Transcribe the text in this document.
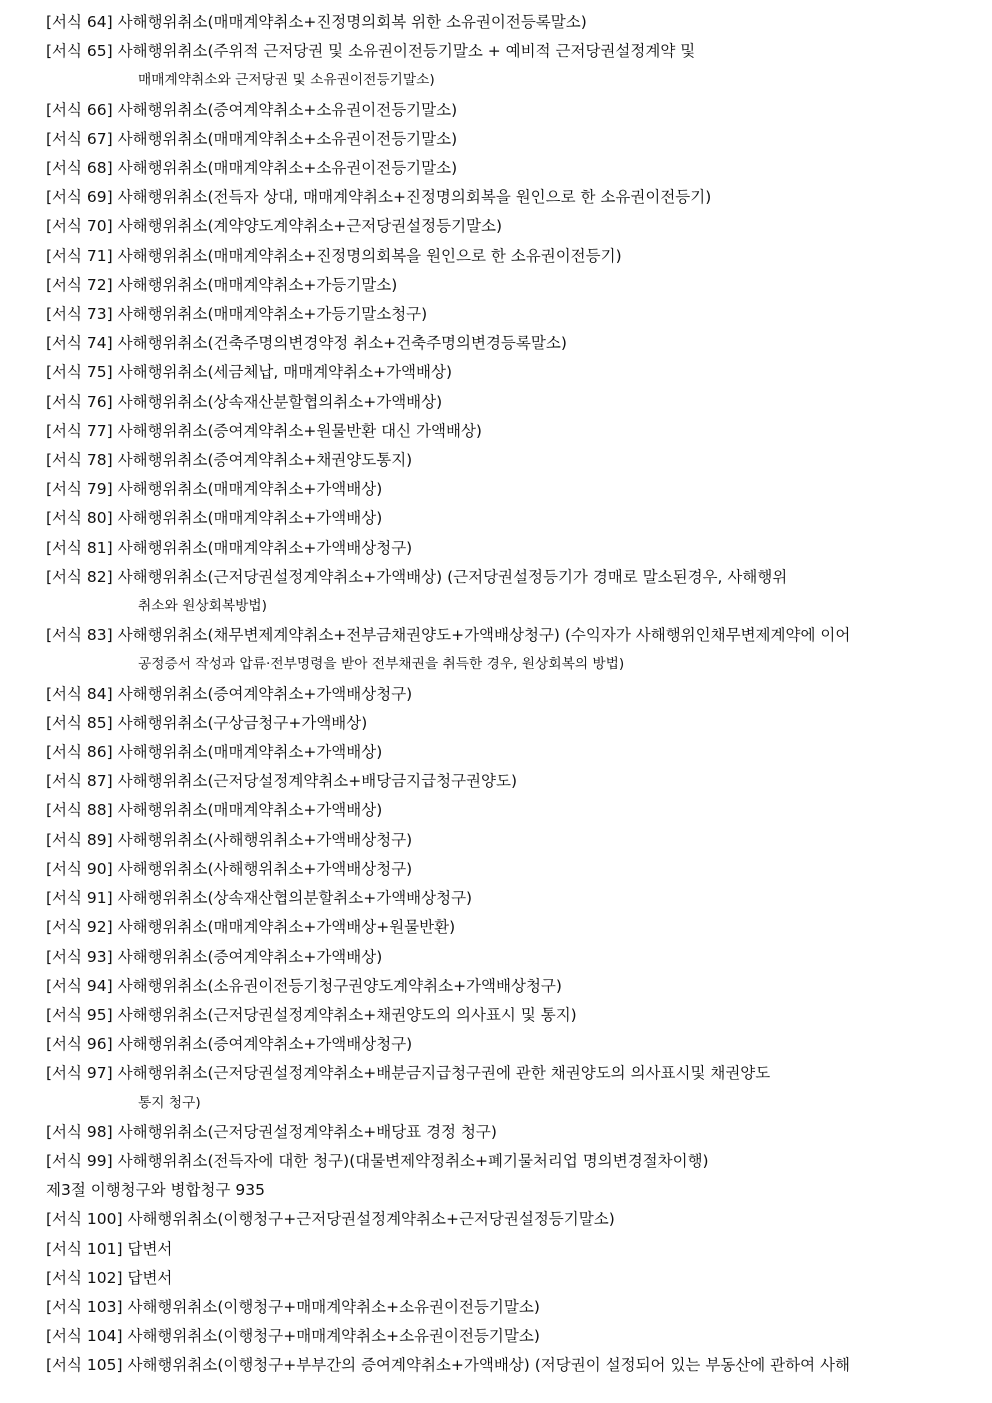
[서식 64] 사해행위취소(매매계약취소+진정명의회복 위한 소유권이전등록말소)
[서식 65] 사해행위취소(주위적 근저당권 및 소유권이전등기말소 + 예비적 근저당권설정계약 및
매매계약취소와 근저당권 및 소유권이전등기말소)
[서식 66] 사해행위취소(증여계약취소+소유권이전등기말소)
[서식 67] 사해행위취소(매매계약취소+소유권이전등기말소)
[서식 68] 사해행위취소(매매계약취소+소유권이전등기말소)
[서식 69] 사해행위취소(전득자 상대, 매매계약취소+진정명의회복을 원인으로 한 소유권이전등기)
[서식 70] 사해행위취소(계약양도계약취소+근저당권설정등기말소)
[서식 71] 사해행위취소(매매계약취소+진정명의회복을 원인으로 한 소유권이전등기)
[서식 72] 사해행위취소(매매계약취소+가등기말소)
[서식 73] 사해행위취소(매매계약취소+가등기말소청구)
[서식 74] 사해행위취소(건축주명의변경약정 취소+건축주명의변경등록말소)
[서식 75] 사해행위취소(세금체납, 매매계약취소+가액배상)
[서식 76] 사해행위취소(상속재산분할협의취소+가액배상)
[서식 77] 사해행위취소(증여계약취소+원물반환 대신 가액배상)
[서식 78] 사해행위취소(증여계약취소+채권양도통지)
[서식 79] 사해행위취소(매매계약취소+가액배상)
[서식 80] 사해행위취소(매매계약취소+가액배상)
[서식 81] 사해행위취소(매매계약취소+가액배상청구)
[서식 82] 사해행위취소(근저당권설정계약취소+가액배상) (근저당권설정등기가 경매로 말소된경우, 사해행위
취소와 원상회복방법)
[서식 83] 사해행위취소(채무변제계약취소+전부금채권양도+가액배상청구) (수익자가 사해행위인채무변제계약에 이어
공정증서 작성과 압류·전부명령을 받아 전부채권을 취득한 경우, 원상회복의 방법)
[서식 84] 사해행위취소(증여계약취소+가액배상청구)
[서식 85] 사해행위취소(구상금청구+가액배상)
[서식 86] 사해행위취소(매매계약취소+가액배상)
[서식 87] 사해행위취소(근저당설정계약취소+배당금지급청구권양도)
[서식 88] 사해행위취소(매매계약취소+가액배상)
[서식 89] 사해행위취소(사해행위취소+가액배상청구)
[서식 90] 사해행위취소(사해행위취소+가액배상청구)
[서식 91] 사해행위취소(상속재산협의분할취소+가액배상청구)
[서식 92] 사해행위취소(매매계약취소+가액배상+원물반환)
[서식 93] 사해행위취소(증여계약취소+가액배상)
[서식 94] 사해행위취소(소유권이전등기청구권양도계약취소+가액배상청구)
[서식 95] 사해행위취소(근저당권설정계약취소+채권양도의 의사표시 및 통지)
[서식 96] 사해행위취소(증여계약취소+가액배상청구)
[서식 97] 사해행위취소(근저당권설정계약취소+배분금지급청구권에 관한 채권양도의 의사표시및 채권양도
통지 청구)
[서식 98] 사해행위취소(근저당권설정계약취소+배당표 경정 청구)
[서식 99] 사해행위취소(전득자에 대한 청구)(대물변제약정취소+폐기물처리업 명의변경절차이행)
제3절 이행청구와 병합청구 935
[서식 100] 사해행위취소(이행청구+근저당권설정계약취소+근저당권설정등기말소)
[서식 101] 답변서
[서식 102] 답변서
[서식 103] 사해행위취소(이행청구+매매계약취소+소유권이전등기말소)
[서식 104] 사해행위취소(이행청구+매매계약취소+소유권이전등기말소)
[서식 105] 사해행위취소(이행청구+부부간의 증여계약취소+가액배상) (저당권이 설정되어 있는 부동산에 관하여 사해
